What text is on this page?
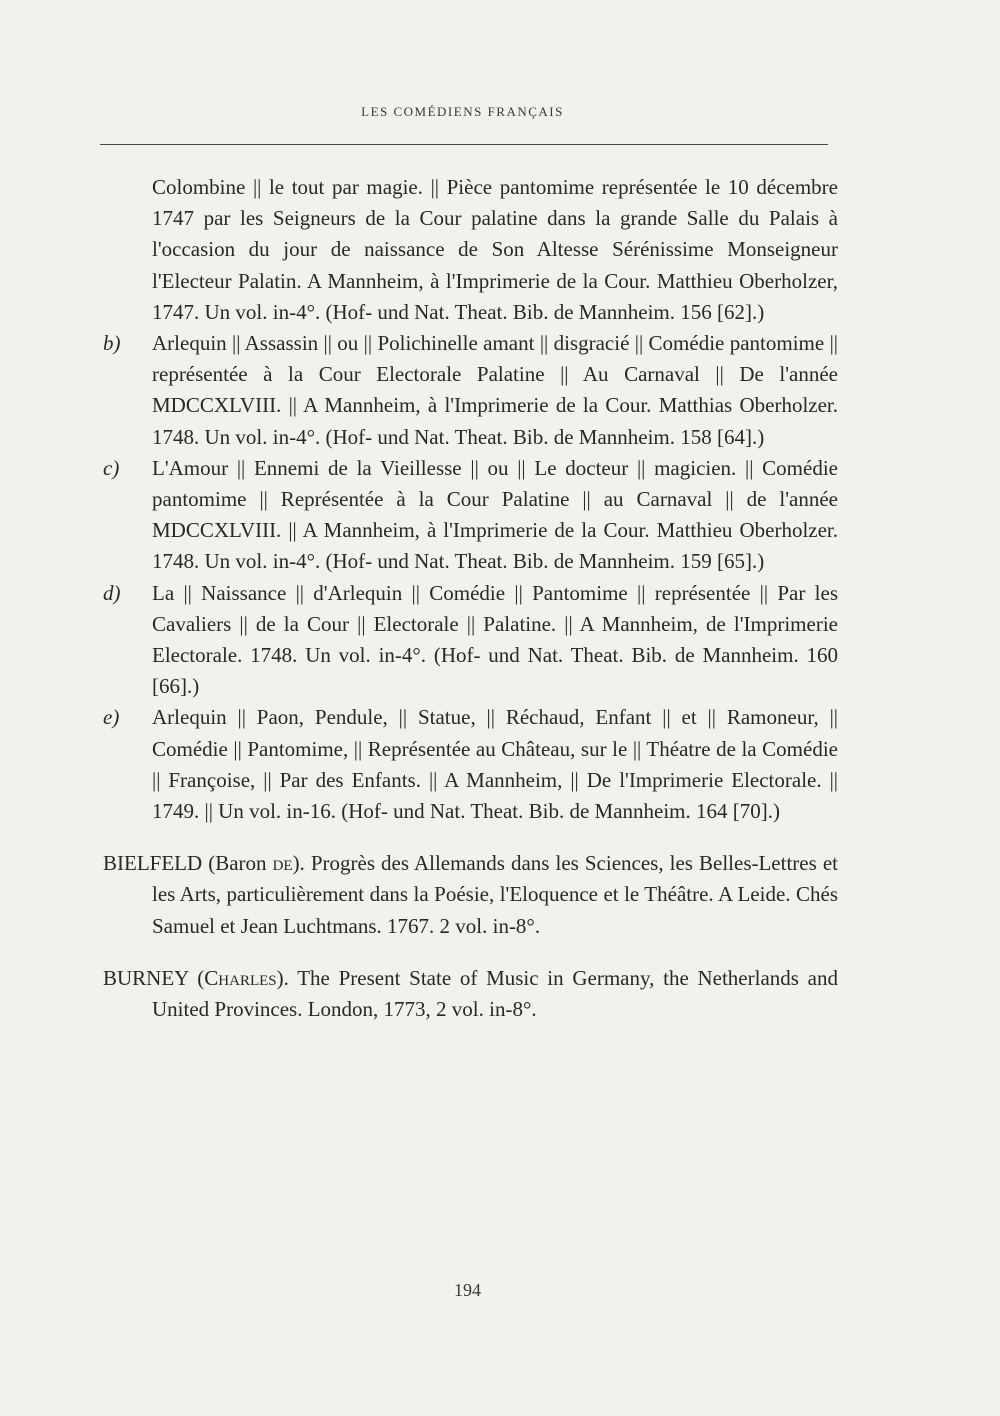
LES COMÉDIENS FRANÇAIS

Colombine || le tout par magie. || Pièce pantomime représentée le 10 décembre 1747 par les Seigneurs de la Cour palatine dans la grande Salle du Palais à l'occasion du jour de naissance de Son Altesse Sérénissime Monseigneur l'Electeur Palatin. A Mannheim, à l'Imprimerie de la Cour. Matthieu Oberholzer, 1747. Un vol. in-4°. (Hof- und Nat. Theat. Bib. de Mannheim. 156 [62].)

b) Arlequin || Assassin || ou || Polichinelle amant || disgracié || Comédie pantomime || représentée à la Cour Electorale Palatine || Au Carnaval || De l'année MDCCXLVIII. || A Mannheim, à l'Imprimerie de la Cour. Matthias Oberholzer. 1748. Un vol. in-4°. (Hof- und Nat. Theat. Bib. de Mannheim. 158 [64].)

c) L'Amour || Ennemi de la Vieillesse || ou || Le docteur || magicien. || Comédie pantomime || Représentée à la Cour Palatine || au Carnaval || de l'année MDCCXLVIII. || A Mannheim, à l'Imprimerie de la Cour. Matthieu Oberholzer. 1748. Un vol. in-4°. (Hof- und Nat. Theat. Bib. de Mannheim. 159 [65].)

d) La || Naissance || d'Arlequin || Comédie || Pantomime || représentée || Par les Cavaliers || de la Cour || Electorale || Palatine. || A Mannheim, de l'Imprimerie Electorale. 1748. Un vol. in-4°. (Hof- und Nat. Theat. Bib. de Mannheim. 160 [66].)

e) Arlequin || Paon, Pendule, || Statue, || Réchaud, Enfant || et || Ramoneur, || Comédie || Pantomime, || Représentée au Château, sur le || Théatre de la Comédie || Françoise, || Par des Enfants. || A Mannheim, || De l'Imprimerie Electorale. || 1749. || Un vol. in-16. (Hof- und Nat. Theat. Bib. de Mannheim. 164 [70].)

BIELFELD (Baron de). Progrès des Allemands dans les Sciences, les Belles-Lettres et les Arts, particulièrement dans la Poésie, l'Eloquence et le Théâtre. A Leide. Chés Samuel et Jean Luchtmans. 1767. 2 vol. in-8°.

BURNEY (Charles). The Present State of Music in Germany, the Netherlands and United Provinces. London, 1773, 2 vol. in-8°.

194
